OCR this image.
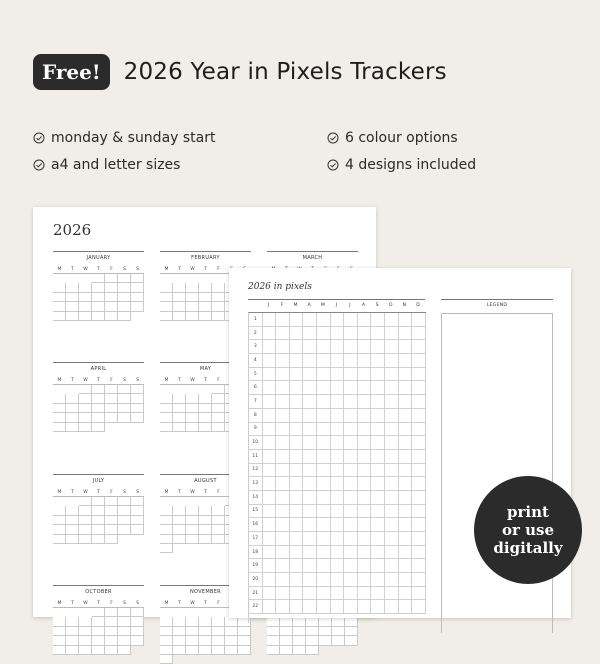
Free!	2026 Year in Pixels Trackers
monday & sunday start	6 colour options
a4 and letter sizes	4 designs included
2026
JANUARY
M	T	W	T	F	S	S
FEBRUARY
M	T	W	T	F
MARCH
APRIL
M	T	W	T	F	S	S
MAY
M	T	W	T	F
JULY
M	T	W	T	F	S	S
AUGUST
M	T	W	T	F
OCTOBER
M	T	W	T	F	S	S
NOVEMBER
M	T	W	T	F
2026 in pixels
J	F	M	A	M	J	J	A	S	O	N	D
1
2
3
4
5
6
7
8
9
10
11
12
13
14
15
16
17
18
19
20
21
22
LEGEND
print
or use
digitally
